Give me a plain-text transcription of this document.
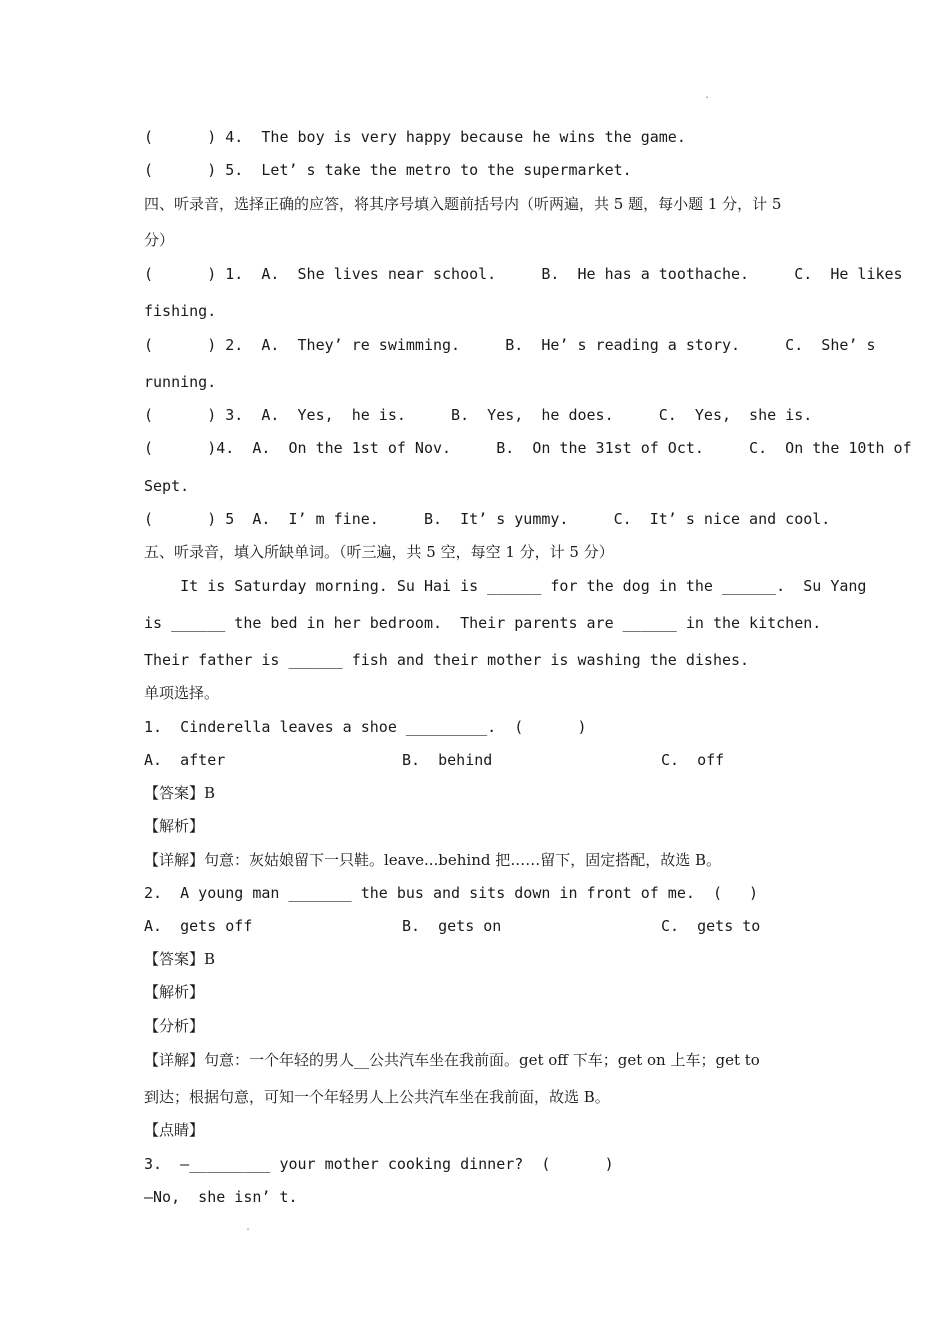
.
(      ) 4.  The boy is very happy because he wins the game.
(      ) 5.  Let’ s take the metro to the supermarket.
四、听录音，选择正确的应答，将其序号填入题前括号内（听两遍，共 5 题，每小题 1 分，计 5
分）
(      ) 1.  A.  She lives near school.     B.  He has a toothache.     C.  He likes
fishing.
(      ) 2.  A.  They’ re swimming.     B.  He’ s reading a story.     C.  She’ s
running.
(      ) 3.  A.  Yes,  he is.     B.  Yes,  he does.     C.  Yes,  she is.
(      )4.  A.  On the 1st of Nov.     B.  On the 31st of Oct.     C.  On the 10th of
Sept.
(      ) 5  A.  I’ m fine.     B.  It’ s yummy.     C.  It’ s nice and cool.
五、听录音，填入所缺单词。（听三遍，共 5 空，每空 1 分，计 5 分）
It is Saturday morning. Su Hai is ______ for the dog in the ______.  Su Yang
is ______ the bed in her bedroom.  Their parents are ______ in the kitchen.
Their father is ______ fish and their mother is washing the dishes.
单项选择。
1.  Cinderella leaves a shoe _________.  (      )
A.  after	B.  behind	C.  off
【答案】B
【解析】
【详解】句意：灰姑娘留下一只鞋。leave...behind 把……留下，固定搭配，故选 B。
2.  A young man _______ the bus and sits down in front of me.  (   )
A.  gets off	B.  gets on	C.  gets to
【答案】B
【解析】
【分析】
【详解】句意：一个年轻的男人__公共汽车坐在我前面。get off 下车；get on 上车；get to
到达；根据句意，可知一个年轻男人上公共汽车坐在我前面，故选 B。
【点睛】
3.  —_________ your mother cooking dinner?  (      )
—No,  she isn’ t.
.
